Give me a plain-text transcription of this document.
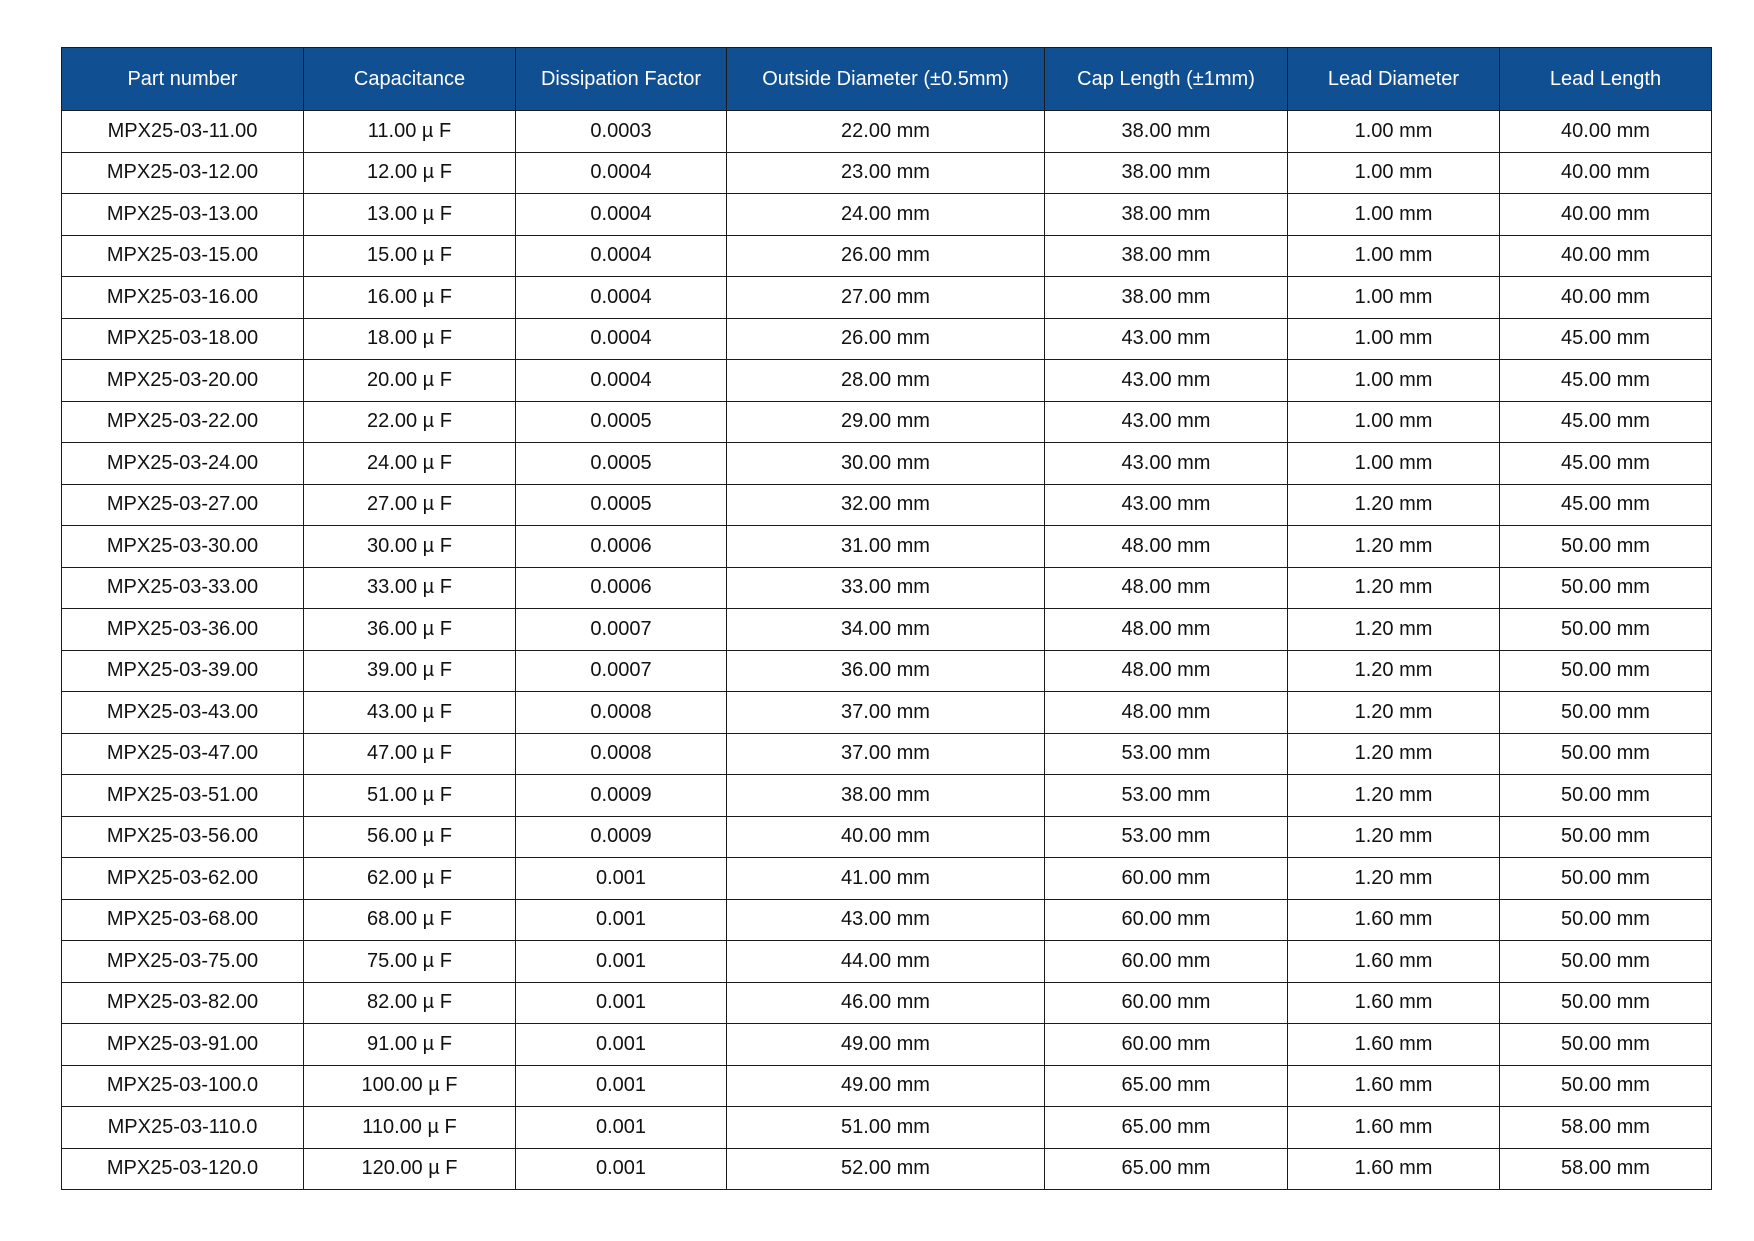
Part number	Capacitance	Dissipation Factor	Outside Diameter (±0.5mm)	Cap Length (±1mm)	Lead Diameter	Lead Length
MPX25-03-11.00	11.00 µ F	0.0003	22.00 mm	38.00 mm	1.00 mm	40.00 mm
MPX25-03-12.00	12.00 µ F	0.0004	23.00 mm	38.00 mm	1.00 mm	40.00 mm
MPX25-03-13.00	13.00 µ F	0.0004	24.00 mm	38.00 mm	1.00 mm	40.00 mm
MPX25-03-15.00	15.00 µ F	0.0004	26.00 mm	38.00 mm	1.00 mm	40.00 mm
MPX25-03-16.00	16.00 µ F	0.0004	27.00 mm	38.00 mm	1.00 mm	40.00 mm
MPX25-03-18.00	18.00 µ F	0.0004	26.00 mm	43.00 mm	1.00 mm	45.00 mm
MPX25-03-20.00	20.00 µ F	0.0004	28.00 mm	43.00 mm	1.00 mm	45.00 mm
MPX25-03-22.00	22.00 µ F	0.0005	29.00 mm	43.00 mm	1.00 mm	45.00 mm
MPX25-03-24.00	24.00 µ F	0.0005	30.00 mm	43.00 mm	1.00 mm	45.00 mm
MPX25-03-27.00	27.00 µ F	0.0005	32.00 mm	43.00 mm	1.20 mm	45.00 mm
MPX25-03-30.00	30.00 µ F	0.0006	31.00 mm	48.00 mm	1.20 mm	50.00 mm
MPX25-03-33.00	33.00 µ F	0.0006	33.00 mm	48.00 mm	1.20 mm	50.00 mm
MPX25-03-36.00	36.00 µ F	0.0007	34.00 mm	48.00 mm	1.20 mm	50.00 mm
MPX25-03-39.00	39.00 µ F	0.0007	36.00 mm	48.00 mm	1.20 mm	50.00 mm
MPX25-03-43.00	43.00 µ F	0.0008	37.00 mm	48.00 mm	1.20 mm	50.00 mm
MPX25-03-47.00	47.00 µ F	0.0008	37.00 mm	53.00 mm	1.20 mm	50.00 mm
MPX25-03-51.00	51.00 µ F	0.0009	38.00 mm	53.00 mm	1.20 mm	50.00 mm
MPX25-03-56.00	56.00 µ F	0.0009	40.00 mm	53.00 mm	1.20 mm	50.00 mm
MPX25-03-62.00	62.00 µ F	0.001	41.00 mm	60.00 mm	1.20 mm	50.00 mm
MPX25-03-68.00	68.00 µ F	0.001	43.00 mm	60.00 mm	1.60 mm	50.00 mm
MPX25-03-75.00	75.00 µ F	0.001	44.00 mm	60.00 mm	1.60 mm	50.00 mm
MPX25-03-82.00	82.00 µ F	0.001	46.00 mm	60.00 mm	1.60 mm	50.00 mm
MPX25-03-91.00	91.00 µ F	0.001	49.00 mm	60.00 mm	1.60 mm	50.00 mm
MPX25-03-100.0	100.00 µ F	0.001	49.00 mm	65.00 mm	1.60 mm	50.00 mm
MPX25-03-110.0	110.00 µ F	0.001	51.00 mm	65.00 mm	1.60 mm	58.00 mm
MPX25-03-120.0	120.00 µ F	0.001	52.00 mm	65.00 mm	1.60 mm	58.00 mm
